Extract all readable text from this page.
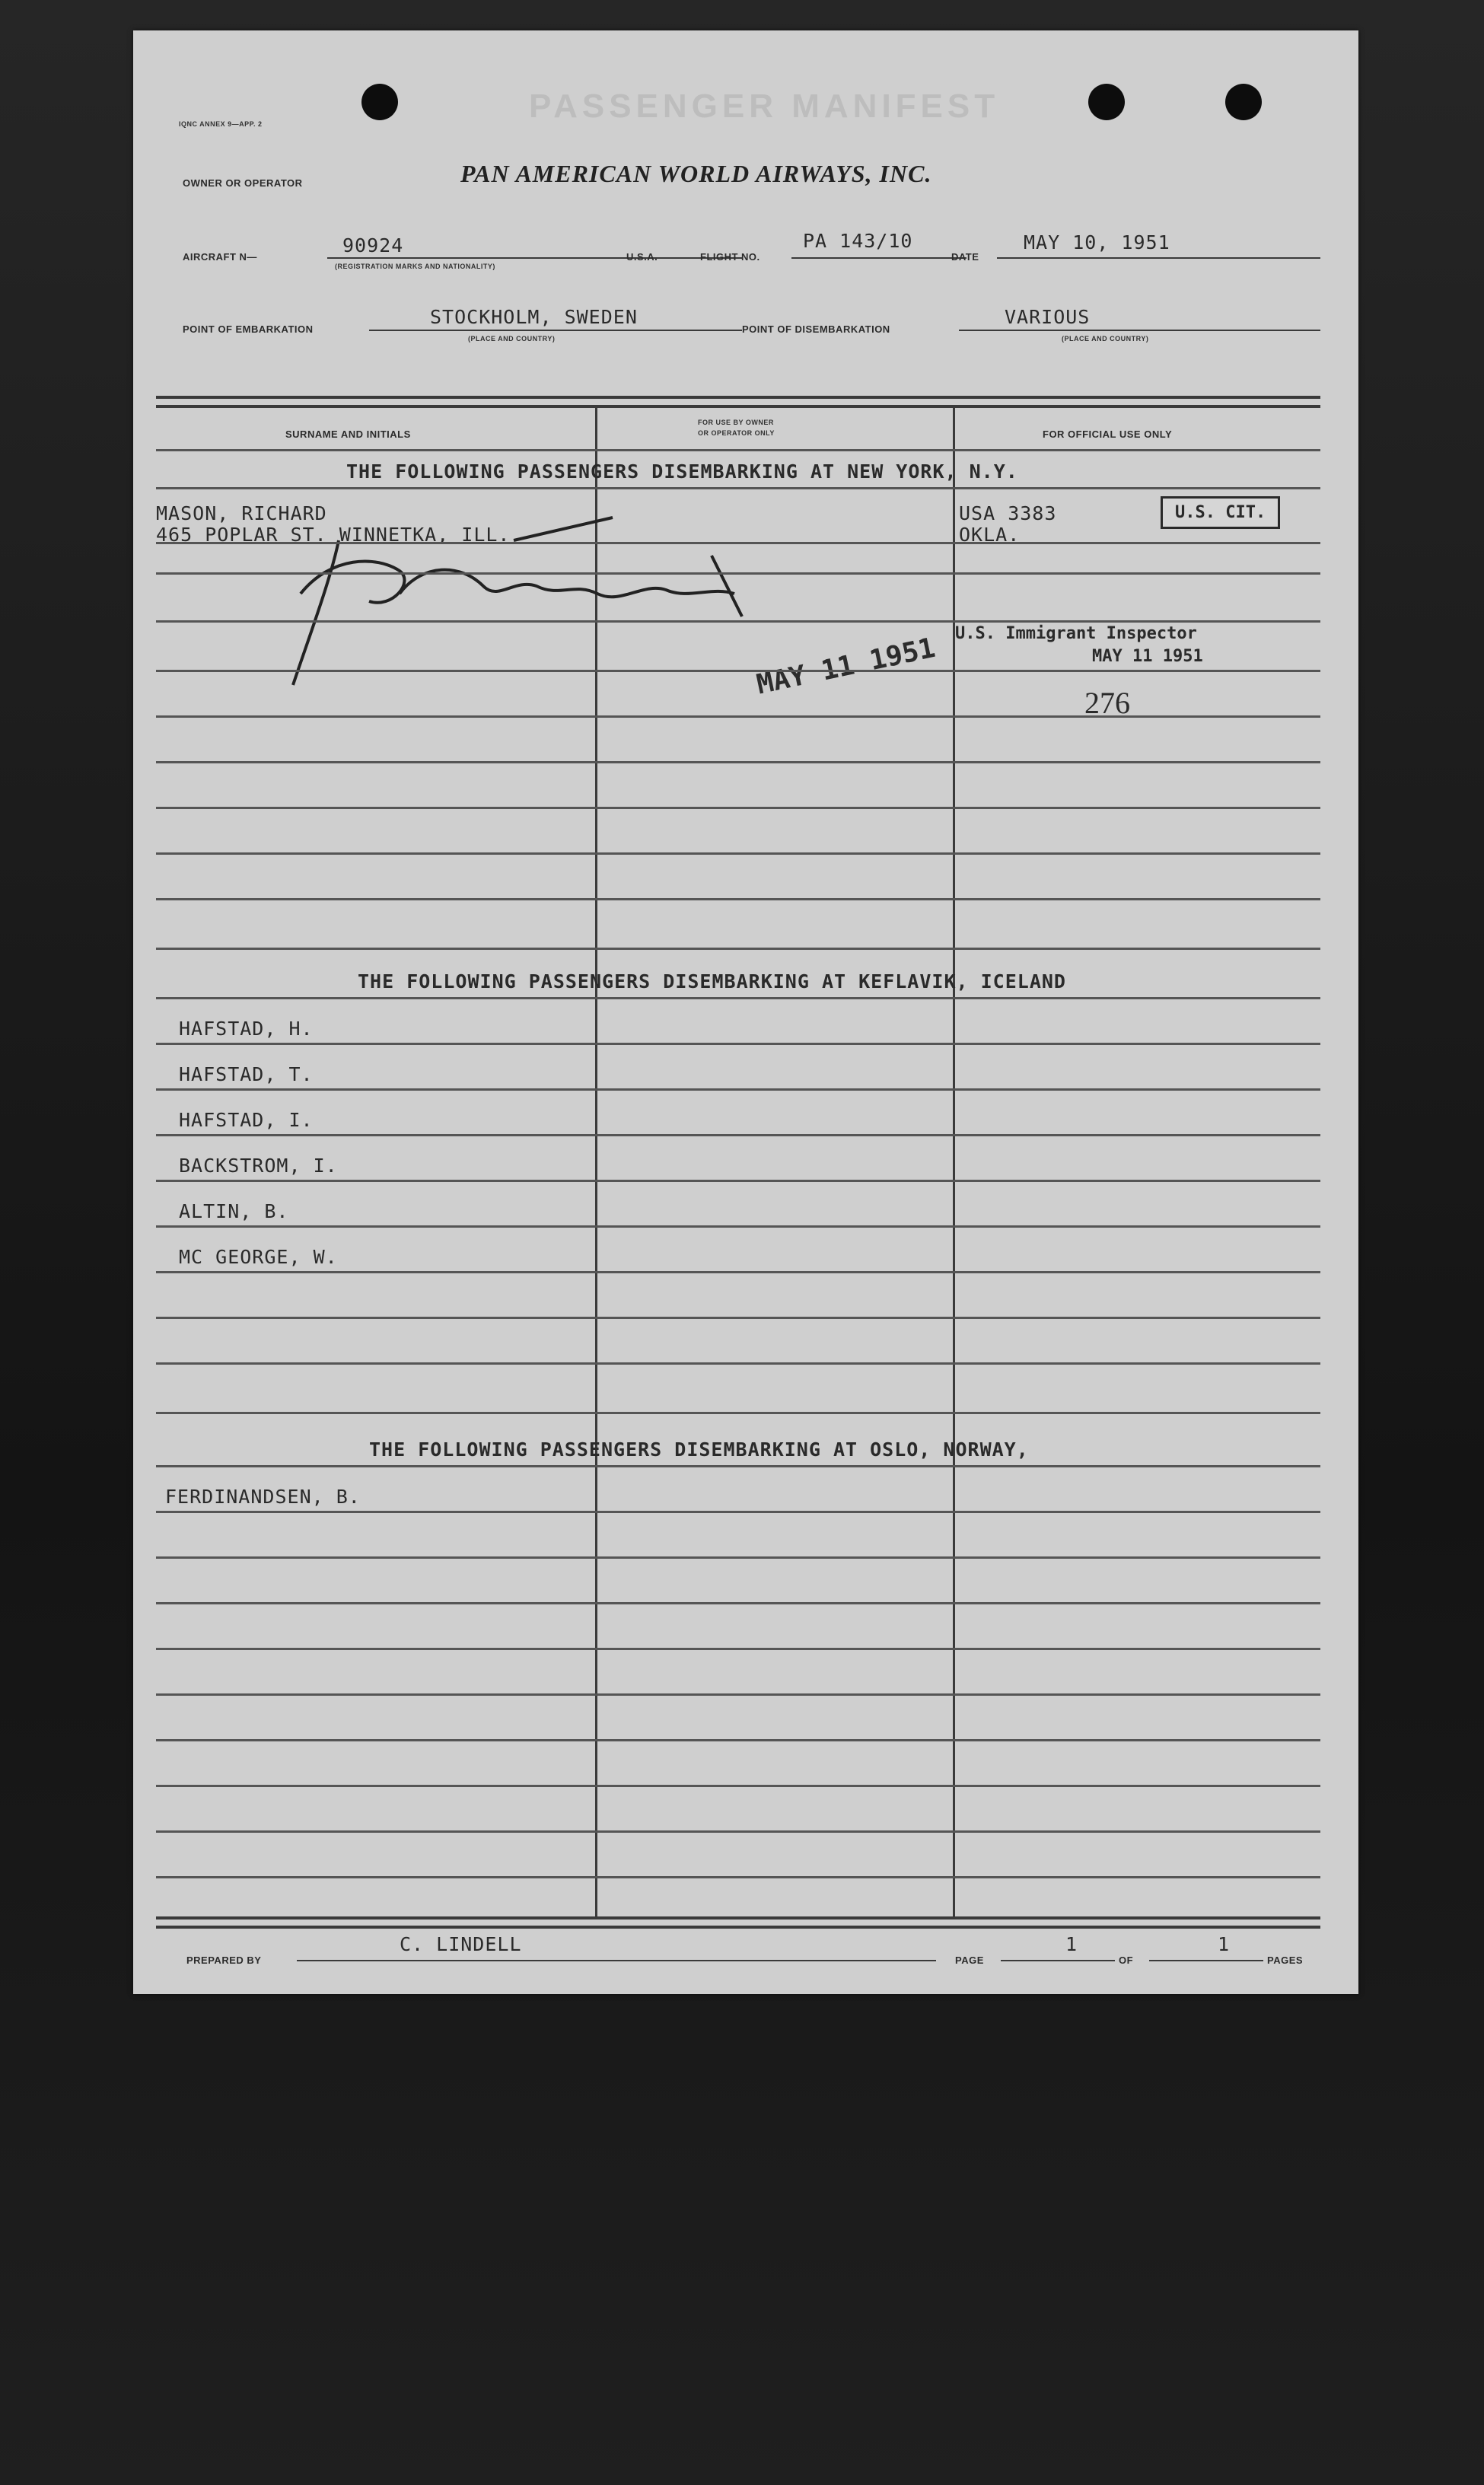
IQNC ANNEX 9—APP. 2	PASSENGER MANIFEST
OWNER OR OPERATOR	PAN AMERICAN WORLD AIRWAYS, INC.
AIRCRAFT N—
90924
(REGISTRATION MARKS AND NATIONALITY)
U.S.A.	FLIGHT NO.
PA 143/10
DATE
MAY 10, 1951
POINT OF EMBARKATION
STOCKHOLM, SWEDEN
(PLACE AND COUNTRY)
POINT OF DISEMBARKATION
VARIOUS
(PLACE AND COUNTRY)
SURNAME AND INITIALS
FOR USE BY OWNER
OR OPERATOR ONLY	FOR OFFICIAL USE ONLY
THE FOLLOWING PASSENGERS DISEMBARKING AT NEW YORK, N.Y.
MASON, RICHARD
465 POPLAR ST. WINNETKA, ILL.
USA 3383
OKLA.
U.S. CIT.
MAY 11 1951 U.S. Immigrant Inspector
MAY 11 1951
276
THE FOLLOWING PASSENGERS DISEMBARKING AT KEFLAVIK, ICELAND
HAFSTAD, H.
HAFSTAD, T.
HAFSTAD, I.
BACKSTROM, I.
ALTIN, B.
MC GEORGE, W.
THE FOLLOWING PASSENGERS DISEMBARKING AT OSLO, NORWAY,
FERDINANDSEN, B.
PREPARED BY
C. LINDELL
PAGE
1
OF
1
PAGES
